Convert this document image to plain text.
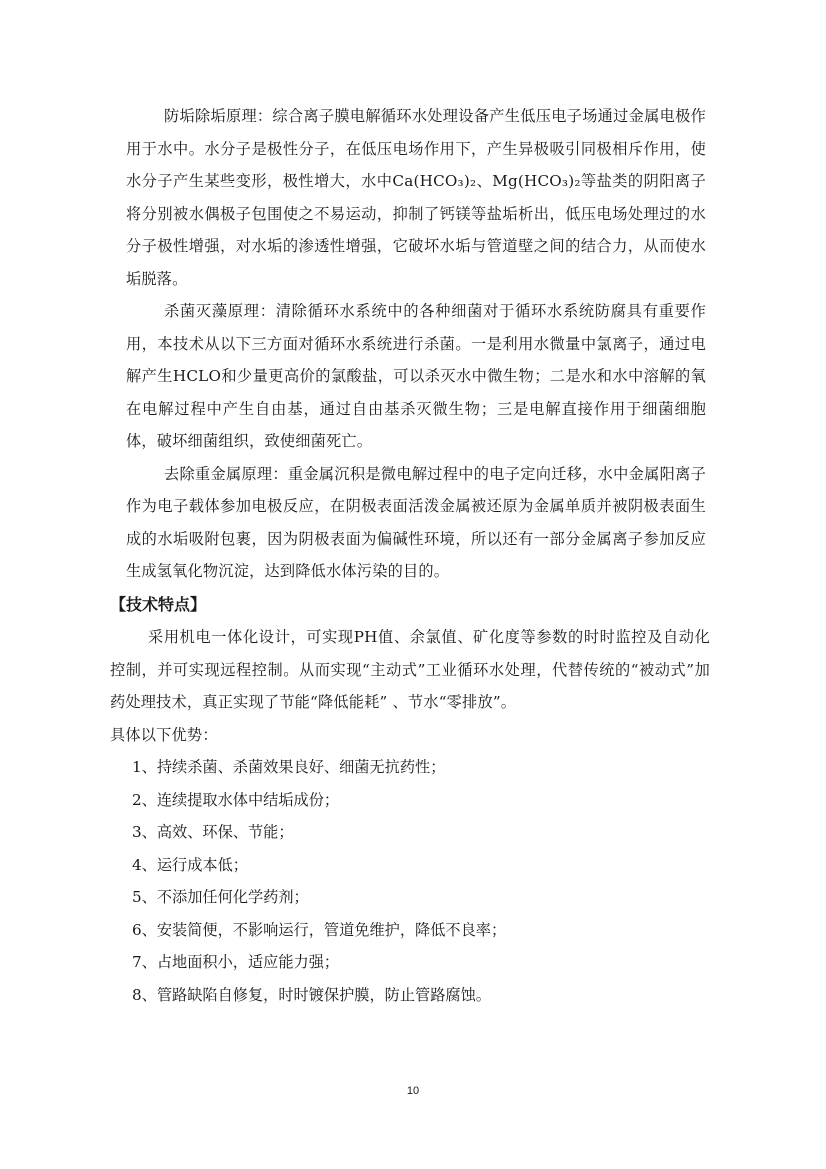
防垢除垢原理：综合离子膜电解循环水处理设备产生低压电子场通过金属电极作用于水中。水分子是极性分子，在低压电场作用下，产生异极吸引同极相斥作用，使水分子产生某些变形，极性增大，水中Ca(HCO₃)₂、Mg(HCO₃)₂等盐类的阴阳离子将分别被水偶极子包围使之不易运动，抑制了钙镁等盐垢析出，低压电场处理过的水分子极性增强，对水垢的渗透性增强，它破坏水垢与管道壁之间的结合力，从而使水垢脱落。

杀菌灭藻原理：清除循环水系统中的各种细菌对于循环水系统防腐具有重要作用，本技术从以下三方面对循环水系统进行杀菌。一是利用水微量中氯离子，通过电解产生HCLO和少量更高价的氯酸盐，可以杀灭水中微生物；二是水和水中溶解的氧在电解过程中产生自由基，通过自由基杀灭微生物；三是电解直接作用于细菌细胞体，破坏细菌组织，致使细菌死亡。

去除重金属原理：重金属沉积是微电解过程中的电子定向迁移，水中金属阳离子作为电子载体参加电极反应，在阴极表面活泼金属被还原为金属单质并被阴极表面生成的水垢吸附包裹，因为阴极表面为偏碱性环境，所以还有一部分金属离子参加反应生成氢氧化物沉淀，达到降低水体污染的目的。

【技术特点】

采用机电一体化设计，可实现PH值、余氯值、矿化度等参数的时时监控及自动化控制，并可实现远程控制。从而实现“主动式”工业循环水处理，代替传统的“被动式”加药处理技术，真正实现了节能“降低能耗” 、节水“零排放”。

具体以下优势：

1、持续杀菌、杀菌效果良好、细菌无抗药性；

2、连续提取水体中结垢成份；

3、高效、环保、节能；

4、运行成本低；

5、不添加任何化学药剂；

6、安装简便，不影响运行，管道免维护，降低不良率；

7、占地面积小，适应能力强；

8、管路缺陷自修复，时时镀保护膜，防止管路腐蚀。

10
